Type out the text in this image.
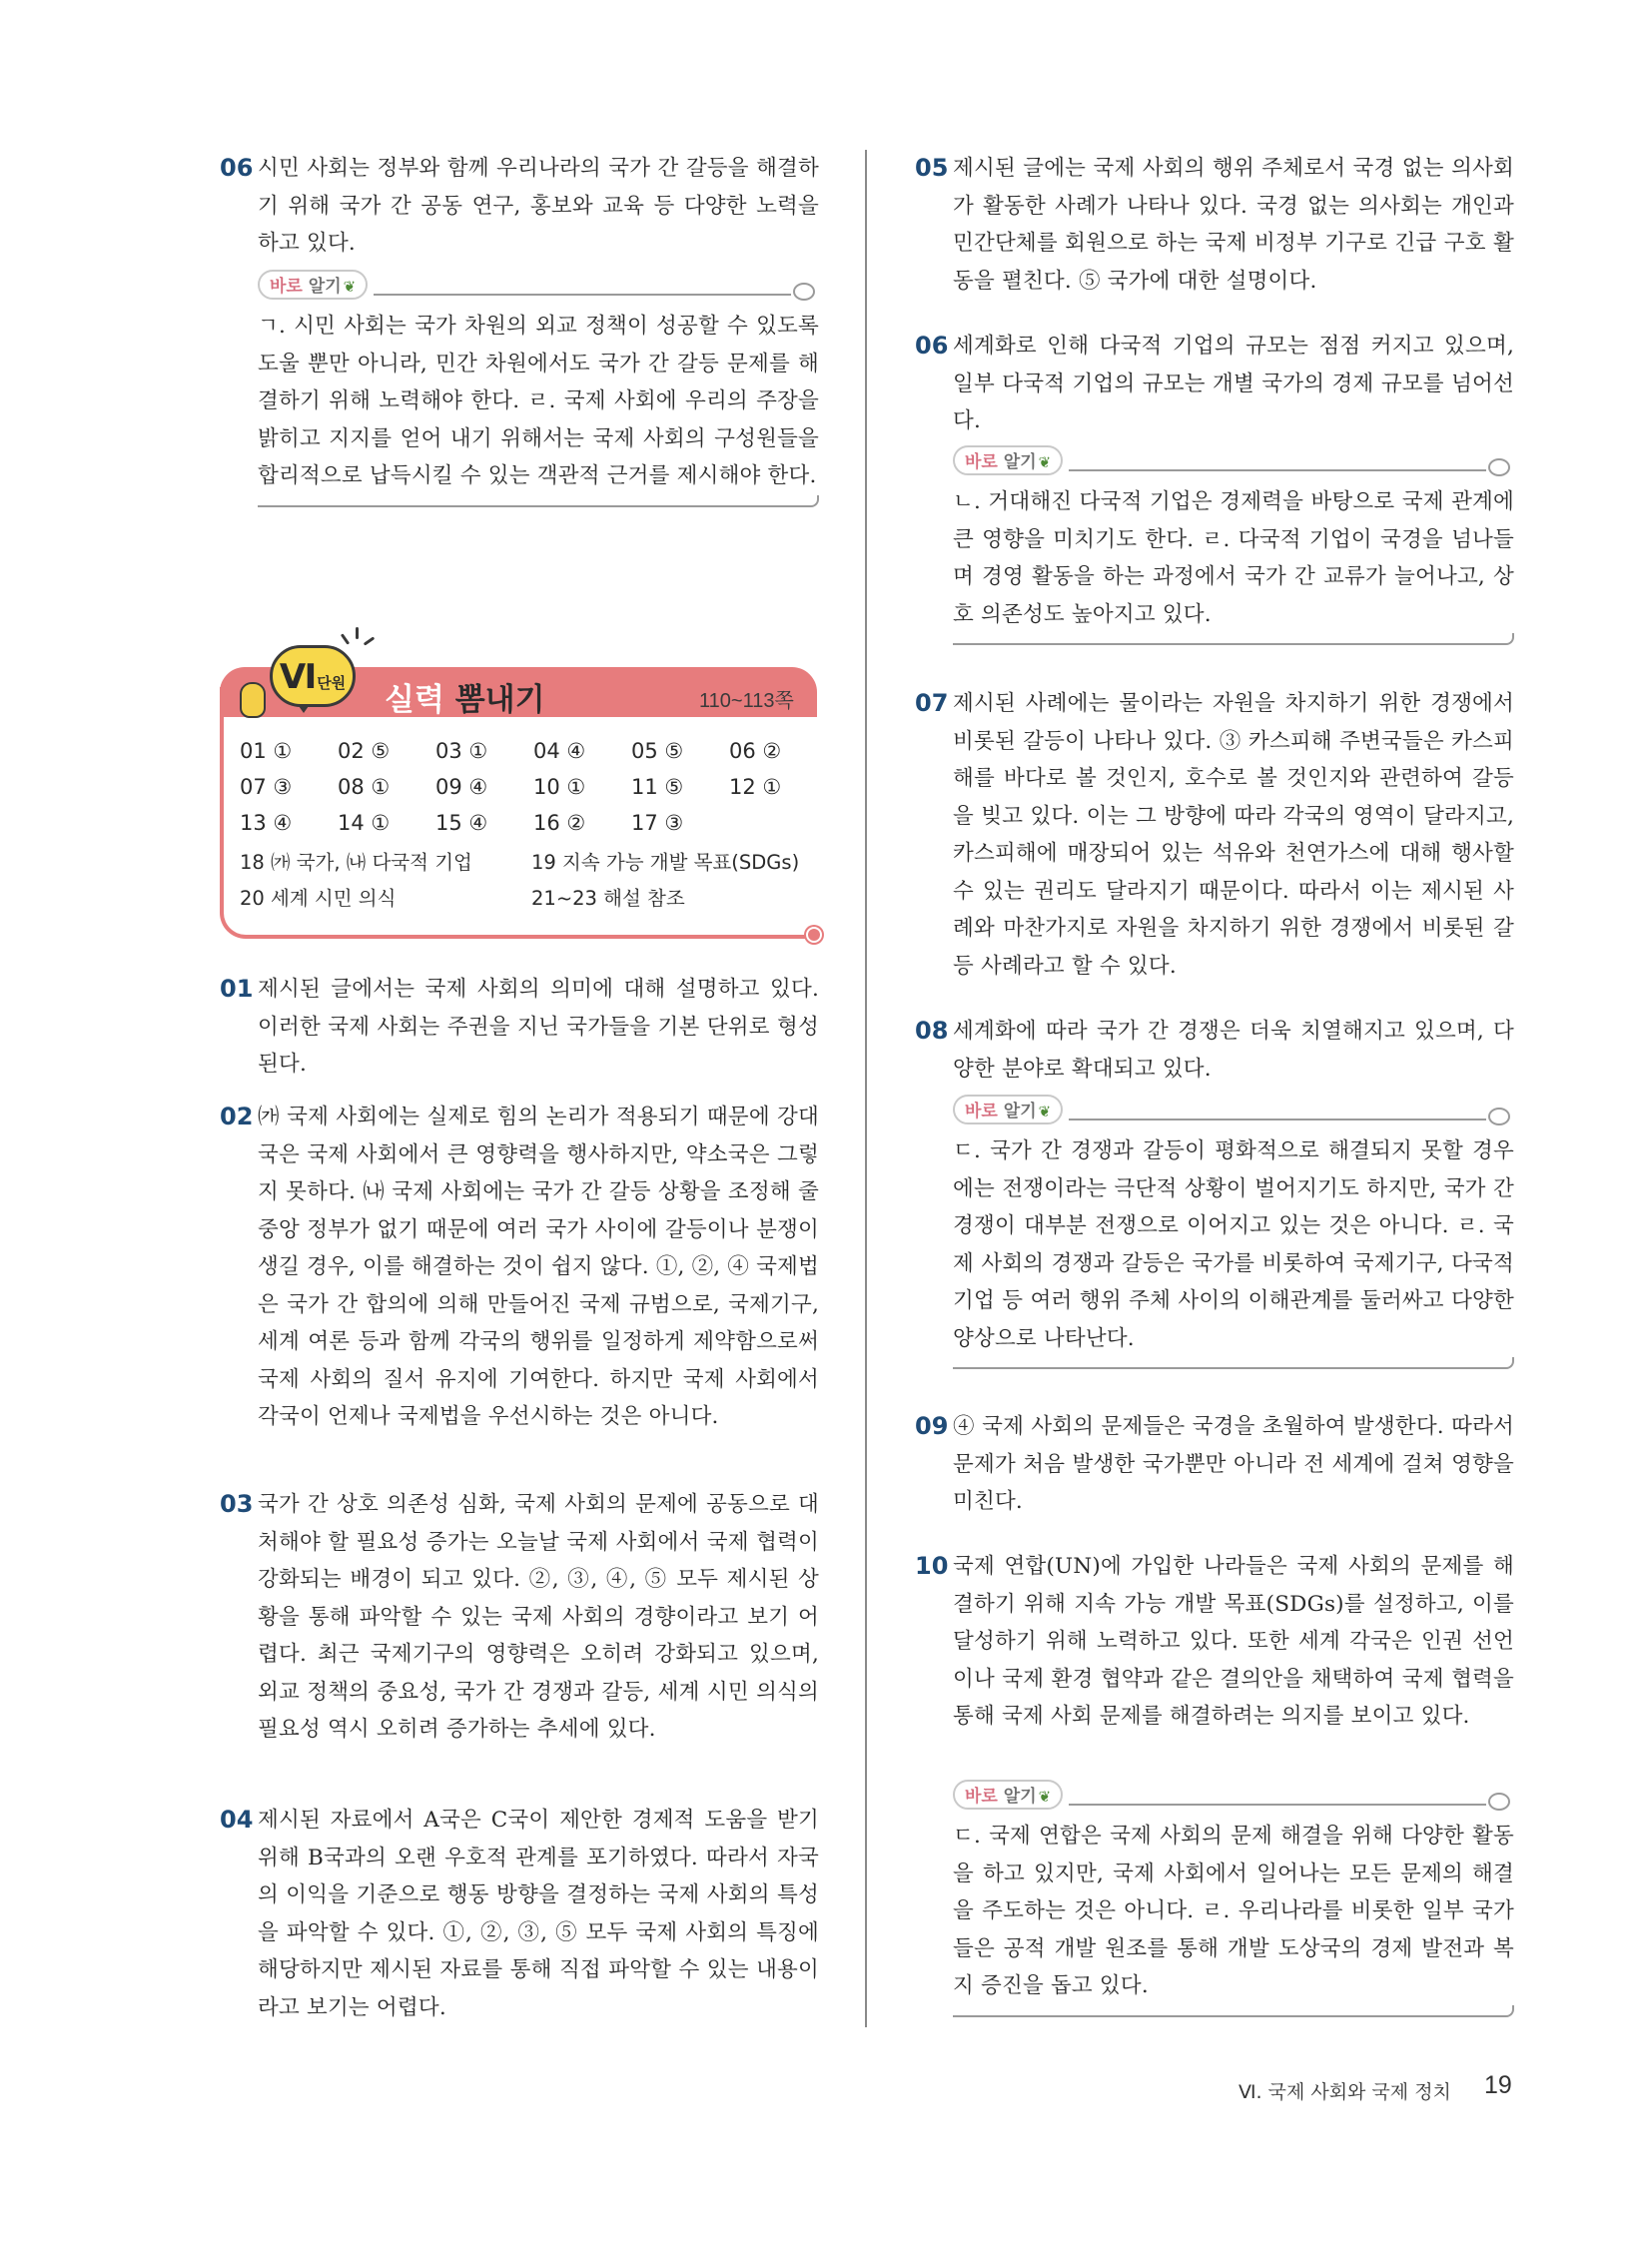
06 시민 사회는 정부와 함께 우리나라의 국가 간 갈등을 해결하기 위해 국가 간 공동 연구, 홍보와 교육 등 다양한 노력을 하고 있다.
바로 알기 ❦
ㄱ. 시민 사회는 국가 차원의 외교 정책이 성공할 수 있도록 도울 뿐만 아니라, 민간 차원에서도 국가 간 갈등 문제를 해결하기 위해 노력해야 한다. ㄹ. 국제 사회에 우리의 주장을 밝히고 지지를 얻어 내기 위해서는 국제 사회의 구성원들을 합리적으로 납득시킬 수 있는 객관적 근거를 제시해야 한다.
Ⅵ단원	실력 뽐내기	110~113쪽
01 ① 02 ⑤ 03 ① 04 ④ 05 ⑤ 06 ②
07 ③ 08 ① 09 ④ 10 ① 11 ⑤ 12 ①
13 ④ 14 ① 15 ④ 16 ② 17 ③
18 ㈎ 국가, ㈏ 다국적 기업	19 지속 가능 개발 목표(SDGs)
20 세계 시민 의식	21~23 해설 참조
01 제시된 글에서는 국제 사회의 의미에 대해 설명하고 있다. 이러한 국제 사회는 주권을 지닌 국가들을 기본 단위로 형성된다.
02 ㈎ 국제 사회에는 실제로 힘의 논리가 적용되기 때문에 강대국은 국제 사회에서 큰 영향력을 행사하지만, 약소국은 그렇지 못하다. ㈏ 국제 사회에는 국가 간 갈등 상황을 조정해 줄 중앙 정부가 없기 때문에 여러 국가 사이에 갈등이나 분쟁이 생길 경우, 이를 해결하는 것이 쉽지 않다. ①, ②, ④ 국제법은 국가 간 합의에 의해 만들어진 국제 규범으로, 국제기구, 세계 여론 등과 함께 각국의 행위를 일정하게 제약함으로써 국제 사회의 질서 유지에 기여한다. 하지만 국제 사회에서 각국이 언제나 국제법을 우선시하는 것은 아니다.
03 국가 간 상호 의존성 심화, 국제 사회의 문제에 공동으로 대처해야 할 필요성 증가는 오늘날 국제 사회에서 국제 협력이 강화되는 배경이 되고 있다. ②, ③, ④, ⑤ 모두 제시된 상황을 통해 파악할 수 있는 국제 사회의 경향이라고 보기 어렵다. 최근 국제기구의 영향력은 오히려 강화되고 있으며, 외교 정책의 중요성, 국가 간 경쟁과 갈등, 세계 시민 의식의 필요성 역시 오히려 증가하는 추세에 있다.
04 제시된 자료에서 A국은 C국이 제안한 경제적 도움을 받기 위해 B국과의 오랜 우호적 관계를 포기하였다. 따라서 자국의 이익을 기준으로 행동 방향을 결정하는 국제 사회의 특성을 파악할 수 있다. ①, ②, ③, ⑤ 모두 국제 사회의 특징에 해당하지만 제시된 자료를 통해 직접 파악할 수 있는 내용이라고 보기는 어렵다.
05 제시된 글에는 국제 사회의 행위 주체로서 국경 없는 의사회가 활동한 사례가 나타나 있다. 국경 없는 의사회는 개인과 민간단체를 회원으로 하는 국제 비정부 기구로 긴급 구호 활동을 펼친다. ⑤ 국가에 대한 설명이다.
06 세계화로 인해 다국적 기업의 규모는 점점 커지고 있으며, 일부 다국적 기업의 규모는 개별 국가의 경제 규모를 넘어선다.
바로 알기 ❦
ㄴ. 거대해진 다국적 기업은 경제력을 바탕으로 국제 관계에 큰 영향을 미치기도 한다. ㄹ. 다국적 기업이 국경을 넘나들며 경영 활동을 하는 과정에서 국가 간 교류가 늘어나고, 상호 의존성도 높아지고 있다.
07 제시된 사례에는 물이라는 자원을 차지하기 위한 경쟁에서 비롯된 갈등이 나타나 있다. ③ 카스피해 주변국들은 카스피해를 바다로 볼 것인지, 호수로 볼 것인지와 관련하여 갈등을 빚고 있다. 이는 그 방향에 따라 각국의 영역이 달라지고, 카스피해에 매장되어 있는 석유와 천연가스에 대해 행사할 수 있는 권리도 달라지기 때문이다. 따라서 이는 제시된 사례와 마찬가지로 자원을 차지하기 위한 경쟁에서 비롯된 갈등 사례라고 할 수 있다.
08 세계화에 따라 국가 간 경쟁은 더욱 치열해지고 있으며, 다양한 분야로 확대되고 있다.
바로 알기 ❦
ㄷ. 국가 간 경쟁과 갈등이 평화적으로 해결되지 못할 경우에는 전쟁이라는 극단적 상황이 벌어지기도 하지만, 국가 간 경쟁이 대부분 전쟁으로 이어지고 있는 것은 아니다. ㄹ. 국제 사회의 경쟁과 갈등은 국가를 비롯하여 국제기구, 다국적 기업 등 여러 행위 주체 사이의 이해관계를 둘러싸고 다양한 양상으로 나타난다.
09 ④ 국제 사회의 문제들은 국경을 초월하여 발생한다. 따라서 문제가 처음 발생한 국가뿐만 아니라 전 세계에 걸쳐 영향을 미친다.
10 국제 연합(UN)에 가입한 나라들은 국제 사회의 문제를 해결하기 위해 지속 가능 개발 목표(SDGs)를 설정하고, 이를 달성하기 위해 노력하고 있다. 또한 세계 각국은 인권 선언이나 국제 환경 협약과 같은 결의안을 채택하여 국제 협력을 통해 국제 사회 문제를 해결하려는 의지를 보이고 있다.
바로 알기 ❦
ㄷ. 국제 연합은 국제 사회의 문제 해결을 위해 다양한 활동을 하고 있지만, 국제 사회에서 일어나는 모든 문제의 해결을 주도하는 것은 아니다. ㄹ. 우리나라를 비롯한 일부 국가들은 공적 개발 원조를 통해 개발 도상국의 경제 발전과 복지 증진을 돕고 있다.
Ⅵ. 국제 사회와 국제 정치 19
